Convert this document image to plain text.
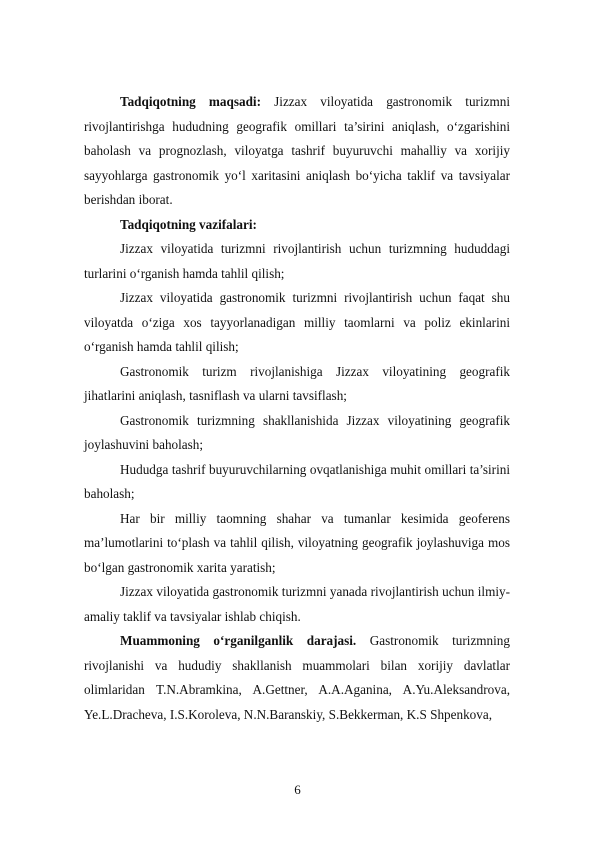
Tadqiqotning maqsadi: Jizzax viloyatida gastronomik turizmni rivojlantirishga hududning geografik omillari ta’sirini aniqlash, o‘zgarishini baholash va prognozlash, viloyatga tashrif buyuruvchi mahalliy va xorijiy sayyohlarga gastronomik yo‘l xaritasini aniqlash bo‘yicha taklif va tavsiyalar berishdan iborat.

Tadqiqotning vazifalari:

Jizzax viloyatida turizmni rivojlantirish uchun turizmning hududdagi turlarini o‘rganish hamda tahlil qilish;

Jizzax viloyatida gastronomik turizmni rivojlantirish uchun faqat shu viloyatda o‘ziga xos tayyorlanadigan milliy taomlarni va poliz ekinlarini o‘rganish hamda tahlil qilish;

Gastronomik turizm rivojlanishiga Jizzax viloyatining geografik jihatlarini aniqlash, tasniflash va ularni tavsiflash;

Gastronomik turizmning shakllanishida Jizzax viloyatining geografik joylashuvini baholash;

Hududga tashrif buyuruvchilarning ovqatlanishiga muhit omillari ta’sirini baholash;

Har bir milliy taomning shahar va tumanlar kesimida geoferens ma’lumotlarini to‘plash va tahlil qilish, viloyatning geografik joylashuviga mos bo‘lgan gastronomik xarita yaratish;

Jizzax viloyatida gastronomik turizmni yanada rivojlantirish uchun ilmiy-amaliy taklif va tavsiyalar ishlab chiqish.

Muammoning o‘rganilganlik darajasi. Gastronomik turizmning rivojlanishi va hududiy shakllanish muammolari bilan xorijiy davlatlar olimlaridan T.N.Abramkina, A.Gettner, A.A.Aganina, A.Yu.Aleksandrova, Ye.L.Dracheva, I.S.Koroleva, N.N.Baranskiy, S.Bekkerman, K.S Shpenkova,

6
